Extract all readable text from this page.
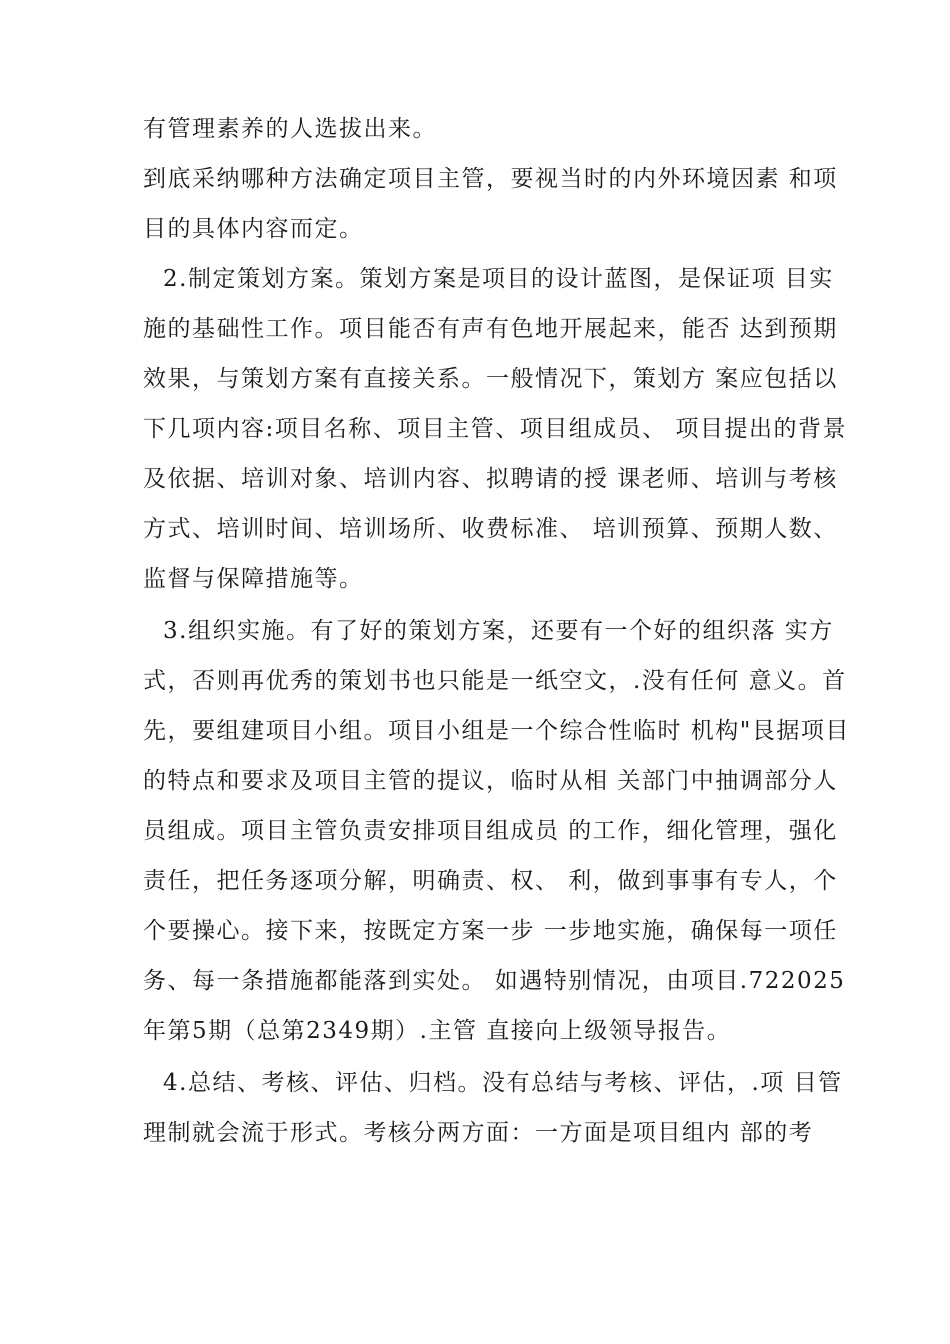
有管理素养的人选拔出来。
到底采纳哪种方法确定项目主管，要视当时的内外环境因素 和项
目的具体内容而定。
2.制定策划方案。策划方案是项目的设计蓝图，是保证项 目实
施的基础性工作。项目能否有声有色地开展起来，能否 达到预期
效果，与策划方案有直接关系。一般情况下，策划方 案应包括以
下几项内容:项目名称、项目主管、项目组成员、 项目提出的背景
及依据、培训对象、培训内容、拟聘请的授 课老师、培训与考核
方式、培训时间、培训场所、收费标准、 培训预算、预期人数、
监督与保障措施等。
3.组织实施。有了好的策划方案，还要有一个好的组织落 实方
式，否则再优秀的策划书也只能是一纸空文，.没有任何 意义。首
先，要组建项目小组。项目小组是一个综合性临时 机构"艮据项目
的特点和要求及项目主管的提议，临时从相 关部门中抽调部分人
员组成。项目主管负责安排项目组成员 的工作，细化管理，强化
责任，把任务逐项分解，明确责、权、 利，做到事事有专人，个
个要操心。接下来，按既定方案一步 一步地实施，确保每一项任
务、每一条措施都能落到实处。 如遇特别情况，由项目.722025
年第5期（总第2349期）.主管 直接向上级领导报告。
4.总结、考核、评估、归档。没有总结与考核、评估，.项 目管
理制就会流于形式。考核分两方面：一方面是项目组内 部的考
